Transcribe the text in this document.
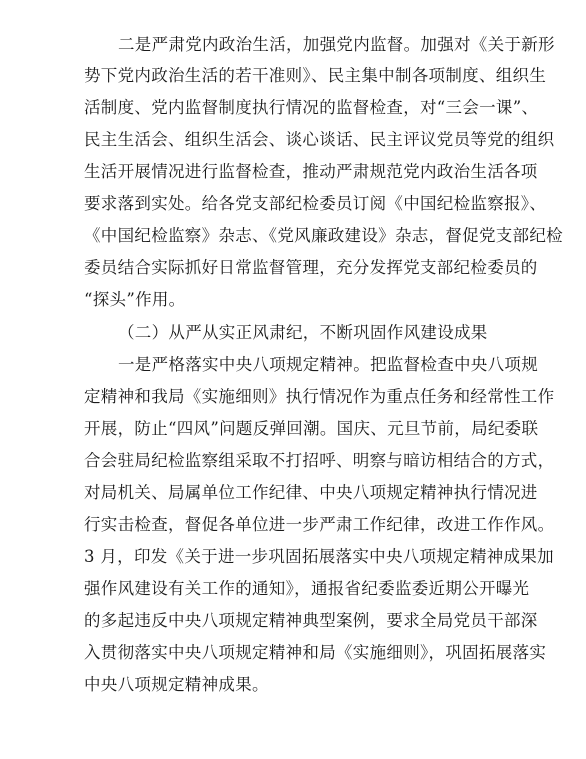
二是严肃党内政治生活，加强党内监督。加强对《关于新形
势下党内政治生活的若干准则》、民主集中制各项制度、组织生
活制度、党内监督制度执行情况的监督检查，对“三会一课”、
民主生活会、组织生活会、谈心谈话、民主评议党员等党的组织
生活开展情况进行监督检查，推动严肃规范党内政治生活各项
要求落到实处。给各党支部纪检委员订阅《中国纪检监察报》、
《中国纪检监察》杂志、《党风廉政建设》杂志，督促党支部纪检
委员结合实际抓好日常监督管理，充分发挥党支部纪检委员的
“探头”作用。
（二）从严从实正风肃纪，不断巩固作风建设成果
一是严格落实中央八项规定精神。把监督检查中央八项规
定精神和我局《实施细则》执行情况作为重点任务和经常性工作
开展，防止“四风”问题反弹回潮。国庆、元旦节前，局纪委联
合会驻局纪检监察组采取不打招呼、明察与暗访相结合的方式，
对局机关、局属单位工作纪律、中央八项规定精神执行情况进
行实击检查，督促各单位进一步严肃工作纪律，改进工作作风。
3 月，印发《关于进一步巩固拓展落实中央八项规定精神成果加
强作风建设有关工作的通知》，通报省纪委监委近期公开曝光
的多起违反中央八项规定精神典型案例，要求全局党员干部深
入贯彻落实中央八项规定精神和局《实施细则》，巩固拓展落实
中央八项规定精神成果。
